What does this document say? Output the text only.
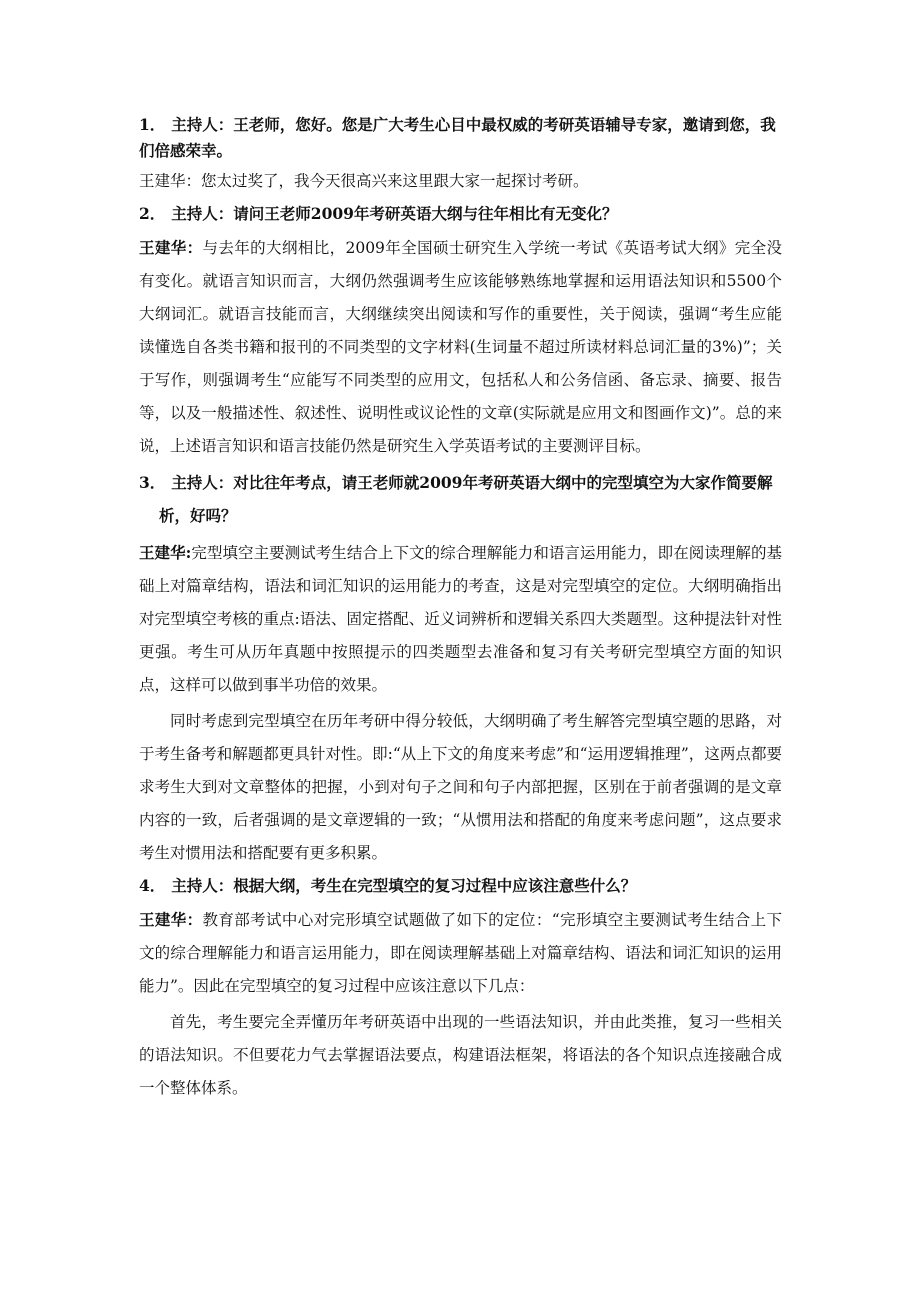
1． 主持人：王老师，您好。您是广大考生心目中最权威的考研英语辅导专家，邀请到您，我们倍感荣幸。

王建华：您太过奖了，我今天很高兴来这里跟大家一起探讨考研。

2． 主持人：请问王老师2009年考研英语大纲与往年相比有无变化？

王建华：与去年的大纲相比，2009年全国硕士研究生入学统一考试《英语考试大纲》完全没有变化。就语言知识而言，大纲仍然强调考生应该能够熟练地掌握和运用语法知识和5500个大纲词汇。就语言技能而言，大纲继续突出阅读和写作的重要性，关于阅读，强调“考生应能读懂选自各类书籍和报刊的不同类型的文字材料(生词量不超过所读材料总词汇量的3%)”；关于写作，则强调考生“应能写不同类型的应用文，包括私人和公务信函、备忘录、摘要、报告等，以及一般描述性、叙述性、说明性或议论性的文章(实际就是应用文和图画作文)”。总的来说，上述语言知识和语言技能仍然是研究生入学英语考试的主要测评目标。

3． 主持人：对比往年考点，请王老师就2009年考研英语大纲中的完型填空为大家作简要解析，好吗？

王建华:完型填空主要测试考生结合上下文的综合理解能力和语言运用能力，即在阅读理解的基础上对篇章结构，语法和词汇知识的运用能力的考查，这是对完型填空的定位。大纲明确指出对完型填空考核的重点:语法、固定搭配、近义词辨析和逻辑关系四大类题型。这种提法针对性更强。考生可从历年真题中按照提示的四类题型去准备和复习有关考研完型填空方面的知识点，这样可以做到事半功倍的效果。

同时考虑到完型填空在历年考研中得分较低，大纲明确了考生解答完型填空题的思路，对于考生备考和解题都更具针对性。即:“从上下文的角度来考虑”和“运用逻辑推理”，这两点都要求考生大到对文章整体的把握，小到对句子之间和句子内部把握，区别在于前者强调的是文章内容的一致，后者强调的是文章逻辑的一致；“从惯用法和搭配的角度来考虑问题”，这点要求考生对惯用法和搭配要有更多积累。

4． 主持人：根据大纲，考生在完型填空的复习过程中应该注意些什么？

王建华：教育部考试中心对完形填空试题做了如下的定位：“完形填空主要测试考生结合上下文的综合理解能力和语言运用能力，即在阅读理解基础上对篇章结构、语法和词汇知识的运用能力”。因此在完型填空的复习过程中应该注意以下几点：

首先，考生要完全弄懂历年考研英语中出现的一些语法知识，并由此类推，复习一些相关的语法知识。不但要花力气去掌握语法要点，构建语法框架，将语法的各个知识点连接融合成一个整体体系。
